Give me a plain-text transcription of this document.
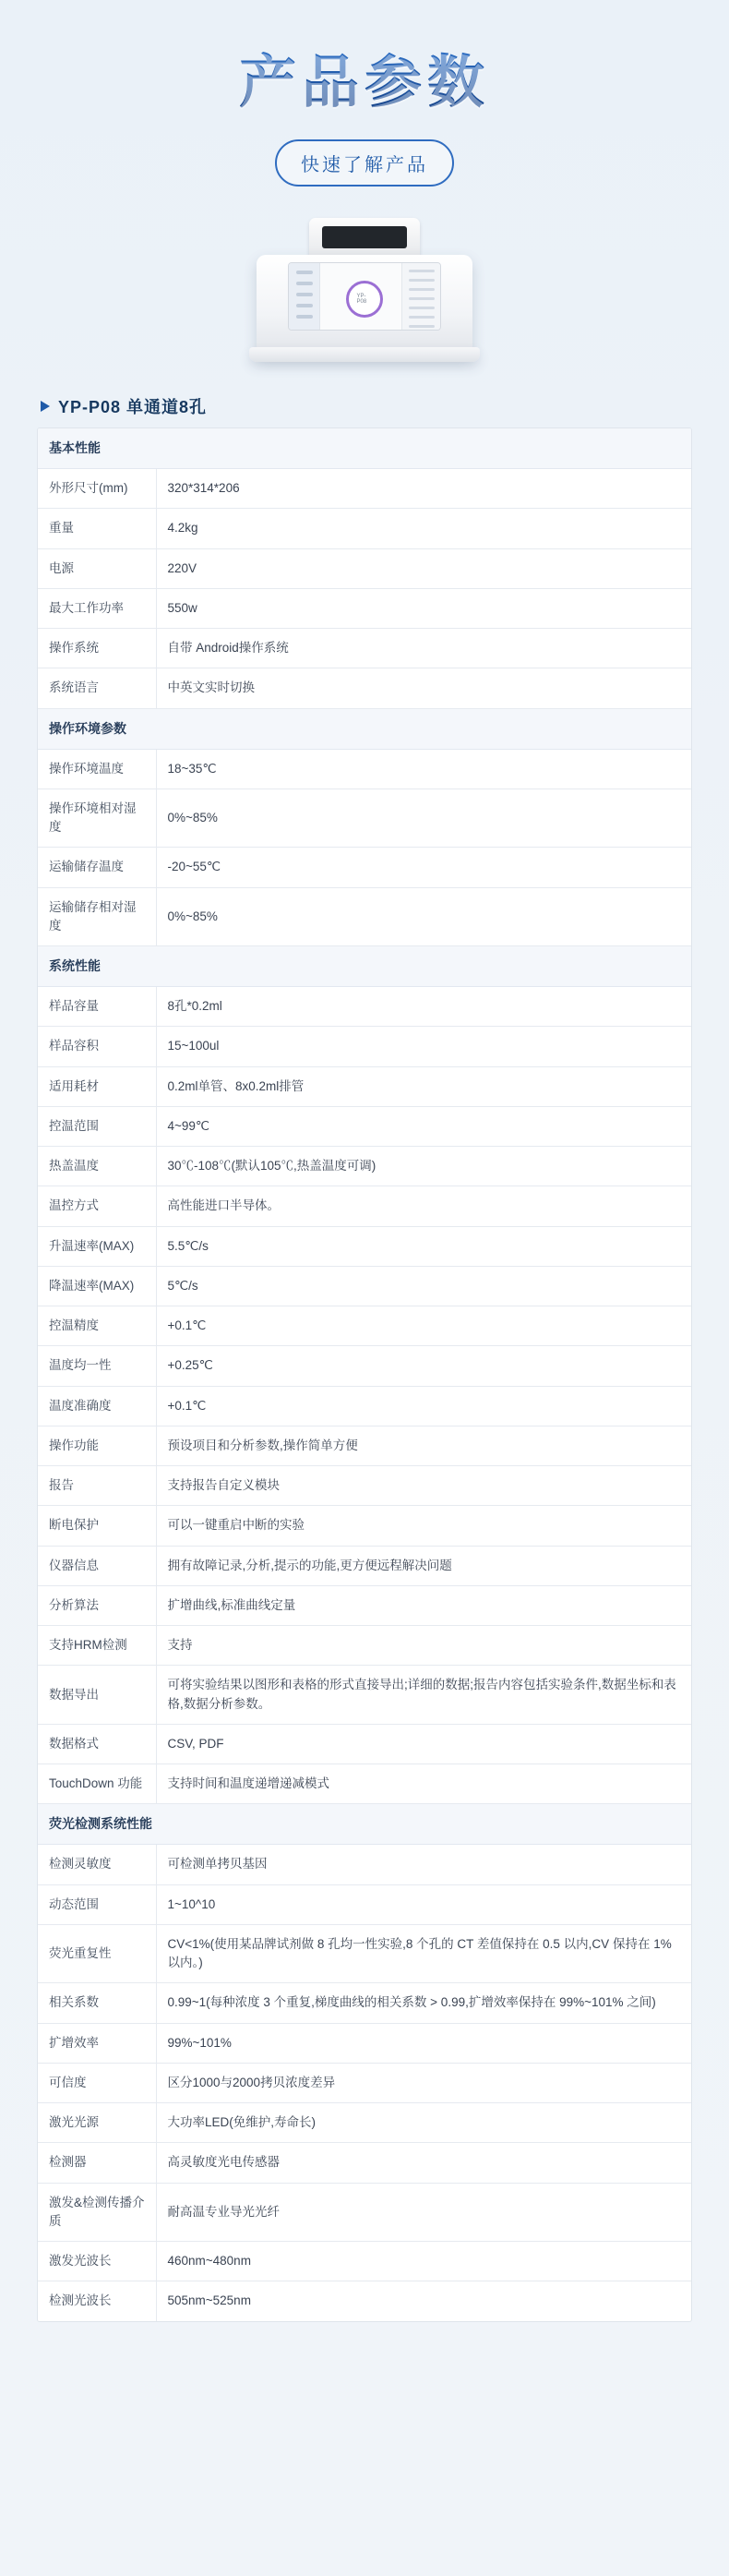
产品参数
快速了解产品
YP-P08
YP-P08 单通道8孔
基本性能	
外形尺寸(mm)	320*314*206
重量	4.2kg
电源	220V
最大工作功率	550w
操作系统	自带 Android操作系统
系统语言	中英文实时切换
操作环境参数	
操作环境温度	18~35℃
操作环境相对湿度	0%~85%
运输储存温度	-20~55℃
运输储存相对湿度	0%~85%
系统性能	
样品容量	8孔*0.2ml
样品容积	15~100ul
适用耗材	0.2ml单管、8x0.2ml排管
控温范围	4~99℃
热盖温度	30℃-108℃(默认105℃,热盖温度可调)
温控方式	高性能进口半导体。
升温速率(MAX)	5.5℃/s
降温速率(MAX)	5℃/s
控温精度	+0.1℃
温度均一性	+0.25℃
温度准确度	+0.1℃
操作功能	预设项目和分析参数,操作简单方便
报告	支持报告自定义模块
断电保护	可以一键重启中断的实验
仪器信息	拥有故障记录,分析,提示的功能,更方便远程解决问题
分析算法	扩增曲线,标准曲线定量
支持HRM检测	支持
数据导出	可将实验结果以图形和表格的形式直接导出;详细的数据;报告内容包括实验条件,数据坐标和表格,数据分析参数。
数据格式	CSV, PDF
TouchDown 功能	支持时间和温度递增递减模式
荧光检测系统性能	
检测灵敏度	可检测单拷贝基因
动态范围	1~10^10
荧光重复性	CV<1%(使用某品牌试剂做 8 孔均一性实验,8 个孔的 CT 差值保持在 0.5 以内,CV 保持在 1% 以内。)
相关系数	0.99~1(每种浓度 3 个重复,梯度曲线的相关系数 > 0.99,扩增效率保持在 99%~101% 之间)
扩增效率	99%~101%
可信度	区分1000与2000拷贝浓度差异
激光光源	大功率LED(免维护,寿命长)
检测器	高灵敏度光电传感器
激发&检测传播介质	耐高温专业导光光纤
激发光波长	460nm~480nm
检测光波长	505nm~525nm
